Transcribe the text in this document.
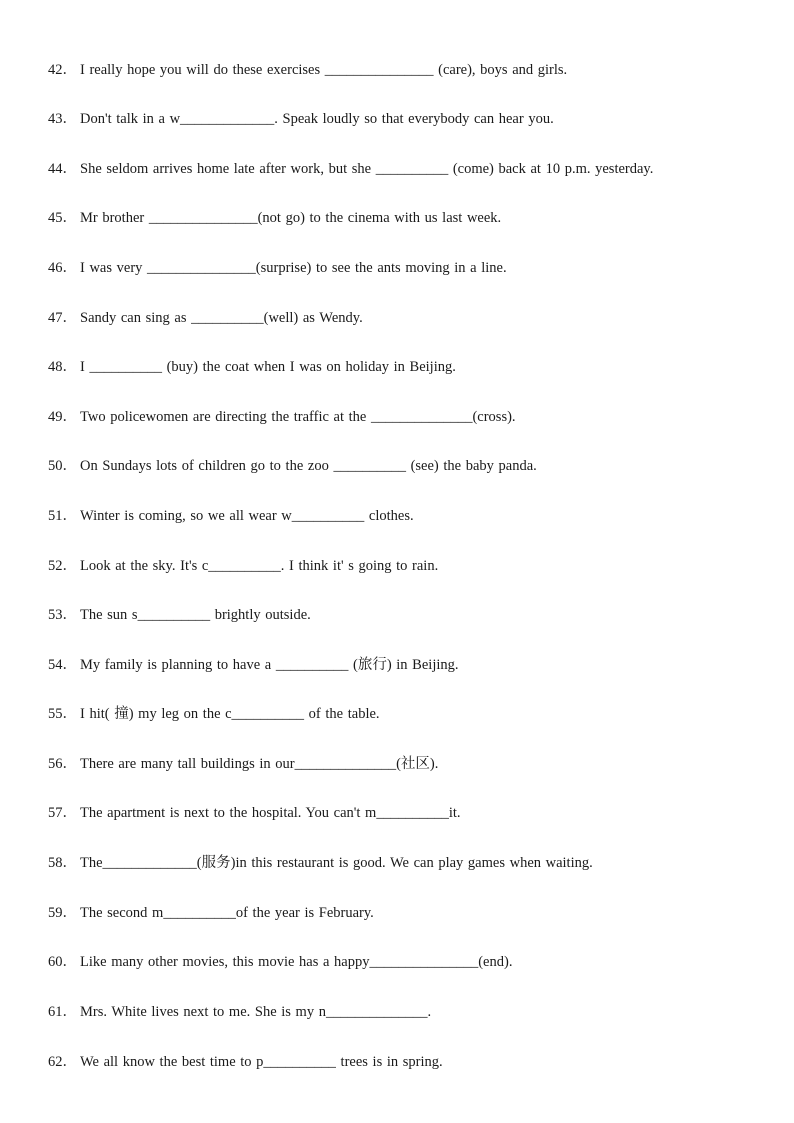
42． I really hope you will do these exercises _______________ (care), boys and girls.
43． Don't talk in a w_____________. Speak loudly so that everybody can hear you.
44． She seldom arrives home late after work, but she __________ (come) back at 10 p.m. yesterday.
45． Mr brother _______________(not go) to the cinema with us last week.
46． I was very _______________(surprise) to see the ants moving in a line.
47． Sandy can sing as __________(well) as Wendy.
48． I __________ (buy) the coat when I was on holiday in Beijing.
49． Two policewomen are directing the traffic at the ______________(cross).
50． On Sundays lots of children go to the zoo __________ (see) the baby panda.
51． Winter is coming, so we all wear w__________ clothes.
52． Look at the sky. It's c__________. I think it' s going to rain.
53． The sun s__________ brightly outside.
54． My family is planning to have a __________ (旅行) in Beijing.
55． I hit( 撞) my leg on the c__________ of the table.
56． There are many tall buildings in our______________(社区).
57． The apartment is next to the hospital. You can't m__________it.
58． The_____________(服务)in this restaurant is good. We can play games when waiting.
59． The second m__________of the year is February.
60． Like many other movies, this movie has a happy_______________(end).
61． Mrs. White lives next to me. She is my n______________.
62． We all know the best time to p__________ trees is in spring.
